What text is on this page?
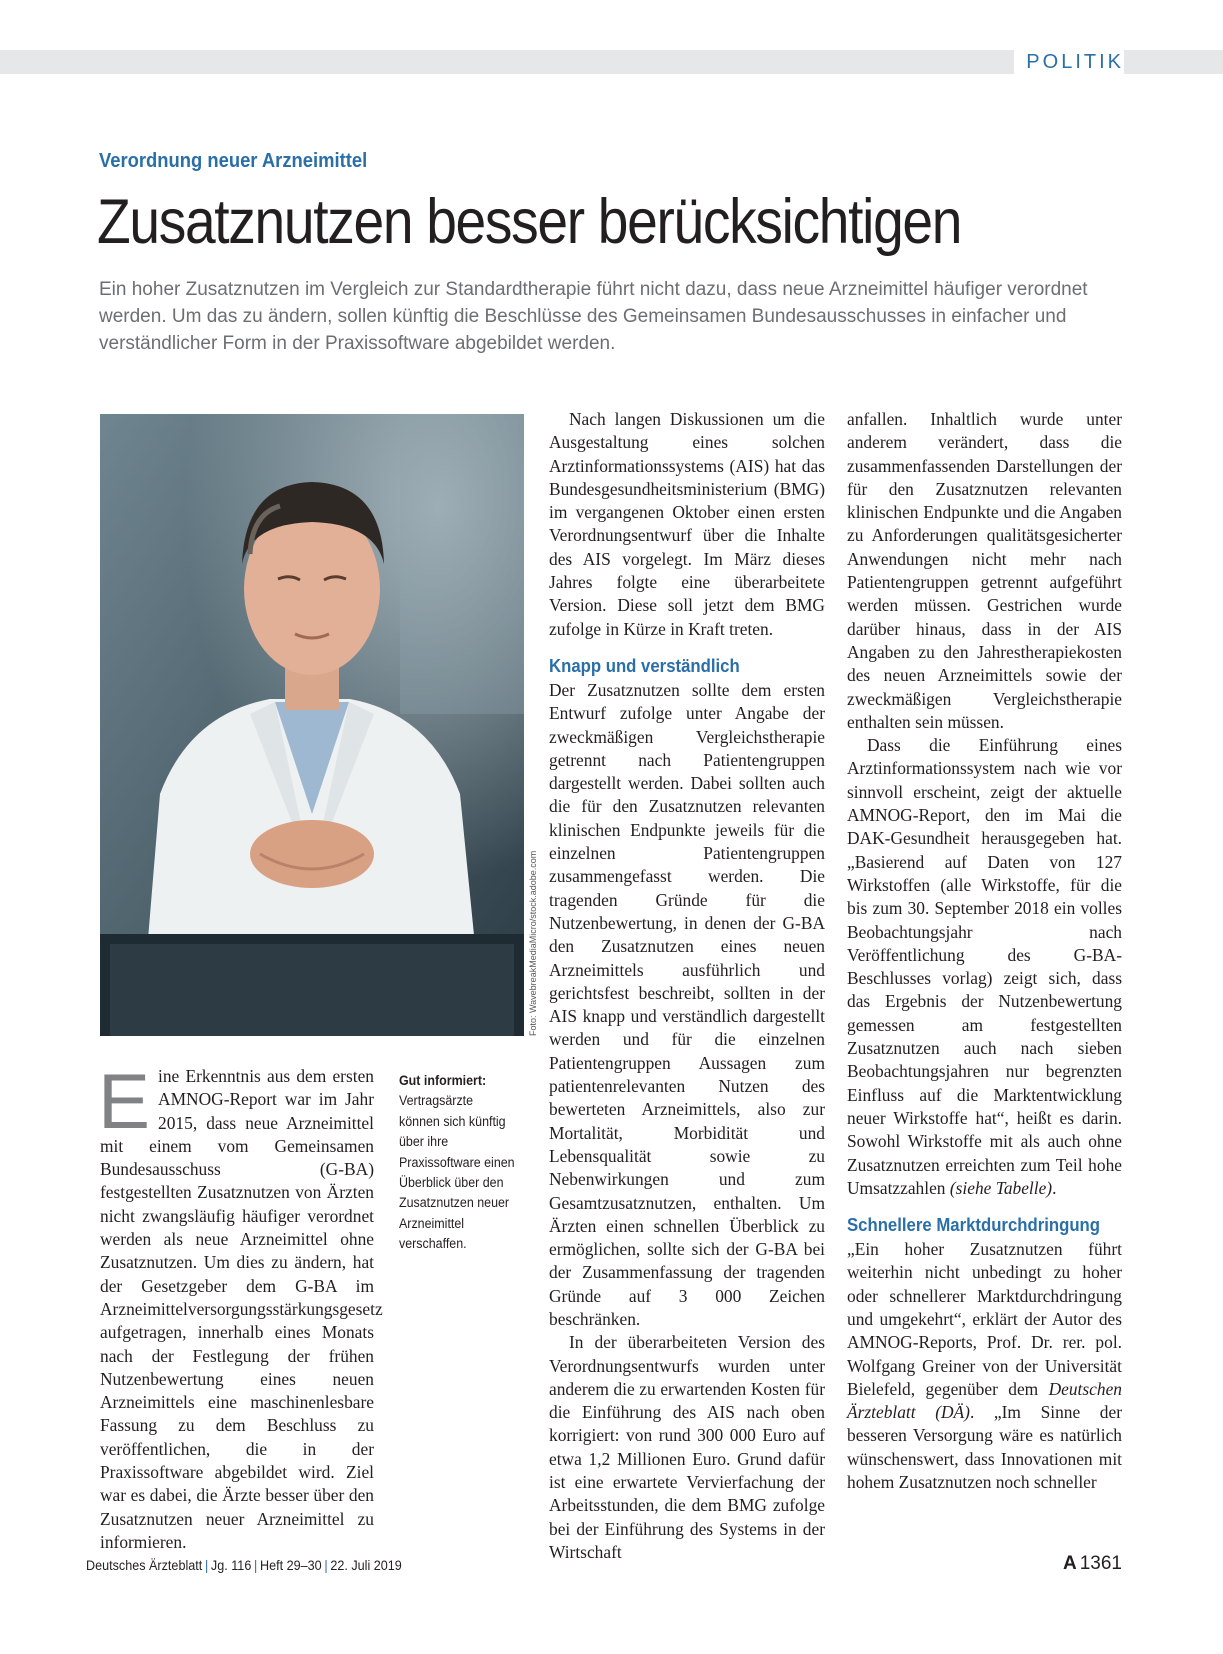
POLITIK
Verordnung neuer Arzneimittel
Zusatznutzen besser berücksichtigen

Ein hoher Zusatznutzen im Vergleich zur Standardtherapie führt nicht dazu, dass neue Arzneimittel häufiger verordnet werden. Um das zu ändern, sollen künftig die Beschlüsse des Gemeinsamen Bundesausschusses in einfacher und verständlicher Form in der Praxissoftware abgebildet werden.

Foto: WavebreakMediaMicro/stock.adobe.com

Eine Erkenntnis aus dem ersten AMNOG-Report war im Jahr 2015, dass neue Arzneimittel mit einem vom Gemeinsamen Bundesausschuss (G-BA) festgestellten Zusatznutzen von Ärzten nicht zwangsläufig häufiger verordnet werden als neue Arzneimittel ohne Zusatznutzen. Um dies zu ändern, hat der Gesetzgeber dem G-BA im Arzneimittelversorgungsstärkungsgesetz aufgetragen, innerhalb eines Monats nach der Festlegung der frühen Nutzenbewertung eines neuen Arzneimittels eine maschinenlesbare Fassung zu dem Beschluss zu veröffentlichen, die in der Praxissoftware abgebildet wird. Ziel war es dabei, die Ärzte besser über den Zusatznutzen neuer Arzneimittel zu informieren.

Gut informiert:
Vertragsärzte können sich künftig über ihre Praxissoftware einen Überblick über den Zusatznutzen neuer Arzneimittel verschaffen.

Nach langen Diskussionen um die Ausgestaltung eines solchen Arztinformationssystems (AIS) hat das Bundesgesundheitsministerium (BMG) im vergangenen Oktober einen ersten Verordnungsentwurf über die Inhalte des AIS vorgelegt. Im März dieses Jahres folgte eine überarbeitete Version. Diese soll jetzt dem BMG zufolge in Kürze in Kraft treten.

Knapp und verständlich

Der Zusatznutzen sollte dem ersten Entwurf zufolge unter Angabe der zweckmäßigen Vergleichstherapie getrennt nach Patientengruppen dargestellt werden. Dabei sollten auch die für den Zusatznutzen relevanten klinischen Endpunkte jeweils für die einzelnen Patientengruppen zusammengefasst werden. Die tragenden Gründe für die Nutzenbewertung, in denen der G-BA den Zusatznutzen eines neuen Arzneimittels ausführlich und gerichtsfest beschreibt, sollten in der AIS knapp und verständlich dargestellt werden und für die einzelnen Patientengruppen Aussagen zum patientenrelevanten Nutzen des bewerteten Arzneimittels, also zur Mortalität, Morbidität und Lebensqualität sowie zu Nebenwirkungen und zum Gesamtzusatznutzen, enthalten. Um Ärzten einen schnellen Überblick zu ermöglichen, sollte sich der G-BA bei der Zusammenfassung der tragenden Gründe auf 3 000 Zeichen beschränken.

In der überarbeiteten Version des Verordnungsentwurfs wurden unter anderem die zu erwartenden Kosten für die Einführung des AIS nach oben korrigiert: von rund 300 000 Euro auf etwa 1,2 Millionen Euro. Grund dafür ist eine erwartete Vervierfachung der Arbeitsstunden, die dem BMG zufolge bei der Einführung des Systems in der Wirtschaft

anfallen. Inhaltlich wurde unter anderem verändert, dass die zusammenfassenden Darstellungen der für den Zusatznutzen relevanten klinischen Endpunkte und die Angaben zu Anforderungen qualitätsgesicherter Anwendungen nicht mehr nach Patientengruppen getrennt aufgeführt werden müssen. Gestrichen wurde darüber hinaus, dass in der AIS Angaben zu den Jahrestherapiekosten des neuen Arzneimittels sowie der zweckmäßigen Vergleichstherapie enthalten sein müssen.

Dass die Einführung eines Arztinformationssystem nach wie vor sinnvoll erscheint, zeigt der aktuelle AMNOG-Report, den im Mai die DAK-Gesundheit herausgegeben hat. „Basierend auf Daten von 127 Wirkstoffen (alle Wirkstoffe, für die bis zum 30. September 2018 ein volles Beobachtungsjahr nach Veröffentlichung des G-BA-Beschlusses vorlag) zeigt sich, dass das Ergebnis der Nutzenbewertung gemessen am festgestellten Zusatznutzen auch nach sieben Beobachtungsjahren nur begrenzten Einfluss auf die Marktentwicklung neuer Wirkstoffe hat“, heißt es darin. Sowohl Wirkstoffe mit als auch ohne Zusatznutzen erreichten zum Teil hohe Umsatzzahlen (siehe Tabelle).

Schnellere Marktdurchdringung

„Ein hoher Zusatznutzen führt weiterhin nicht unbedingt zu hoher oder schnellerer Marktdurchdringung und umgekehrt“, erklärt der Autor des AMNOG-Reports, Prof. Dr. rer. pol. Wolfgang Greiner von der Universität Bielefeld, gegenüber dem Deutschen Ärzteblatt (DÄ). „Im Sinne der besseren Versorgung wäre es natürlich wünschenswert, dass Innovationen mit hohem Zusatznutzen noch schneller

Deutsches Ärzteblatt | Jg. 116 | Heft 29–30 | 22. Juli 2019	A 1361
